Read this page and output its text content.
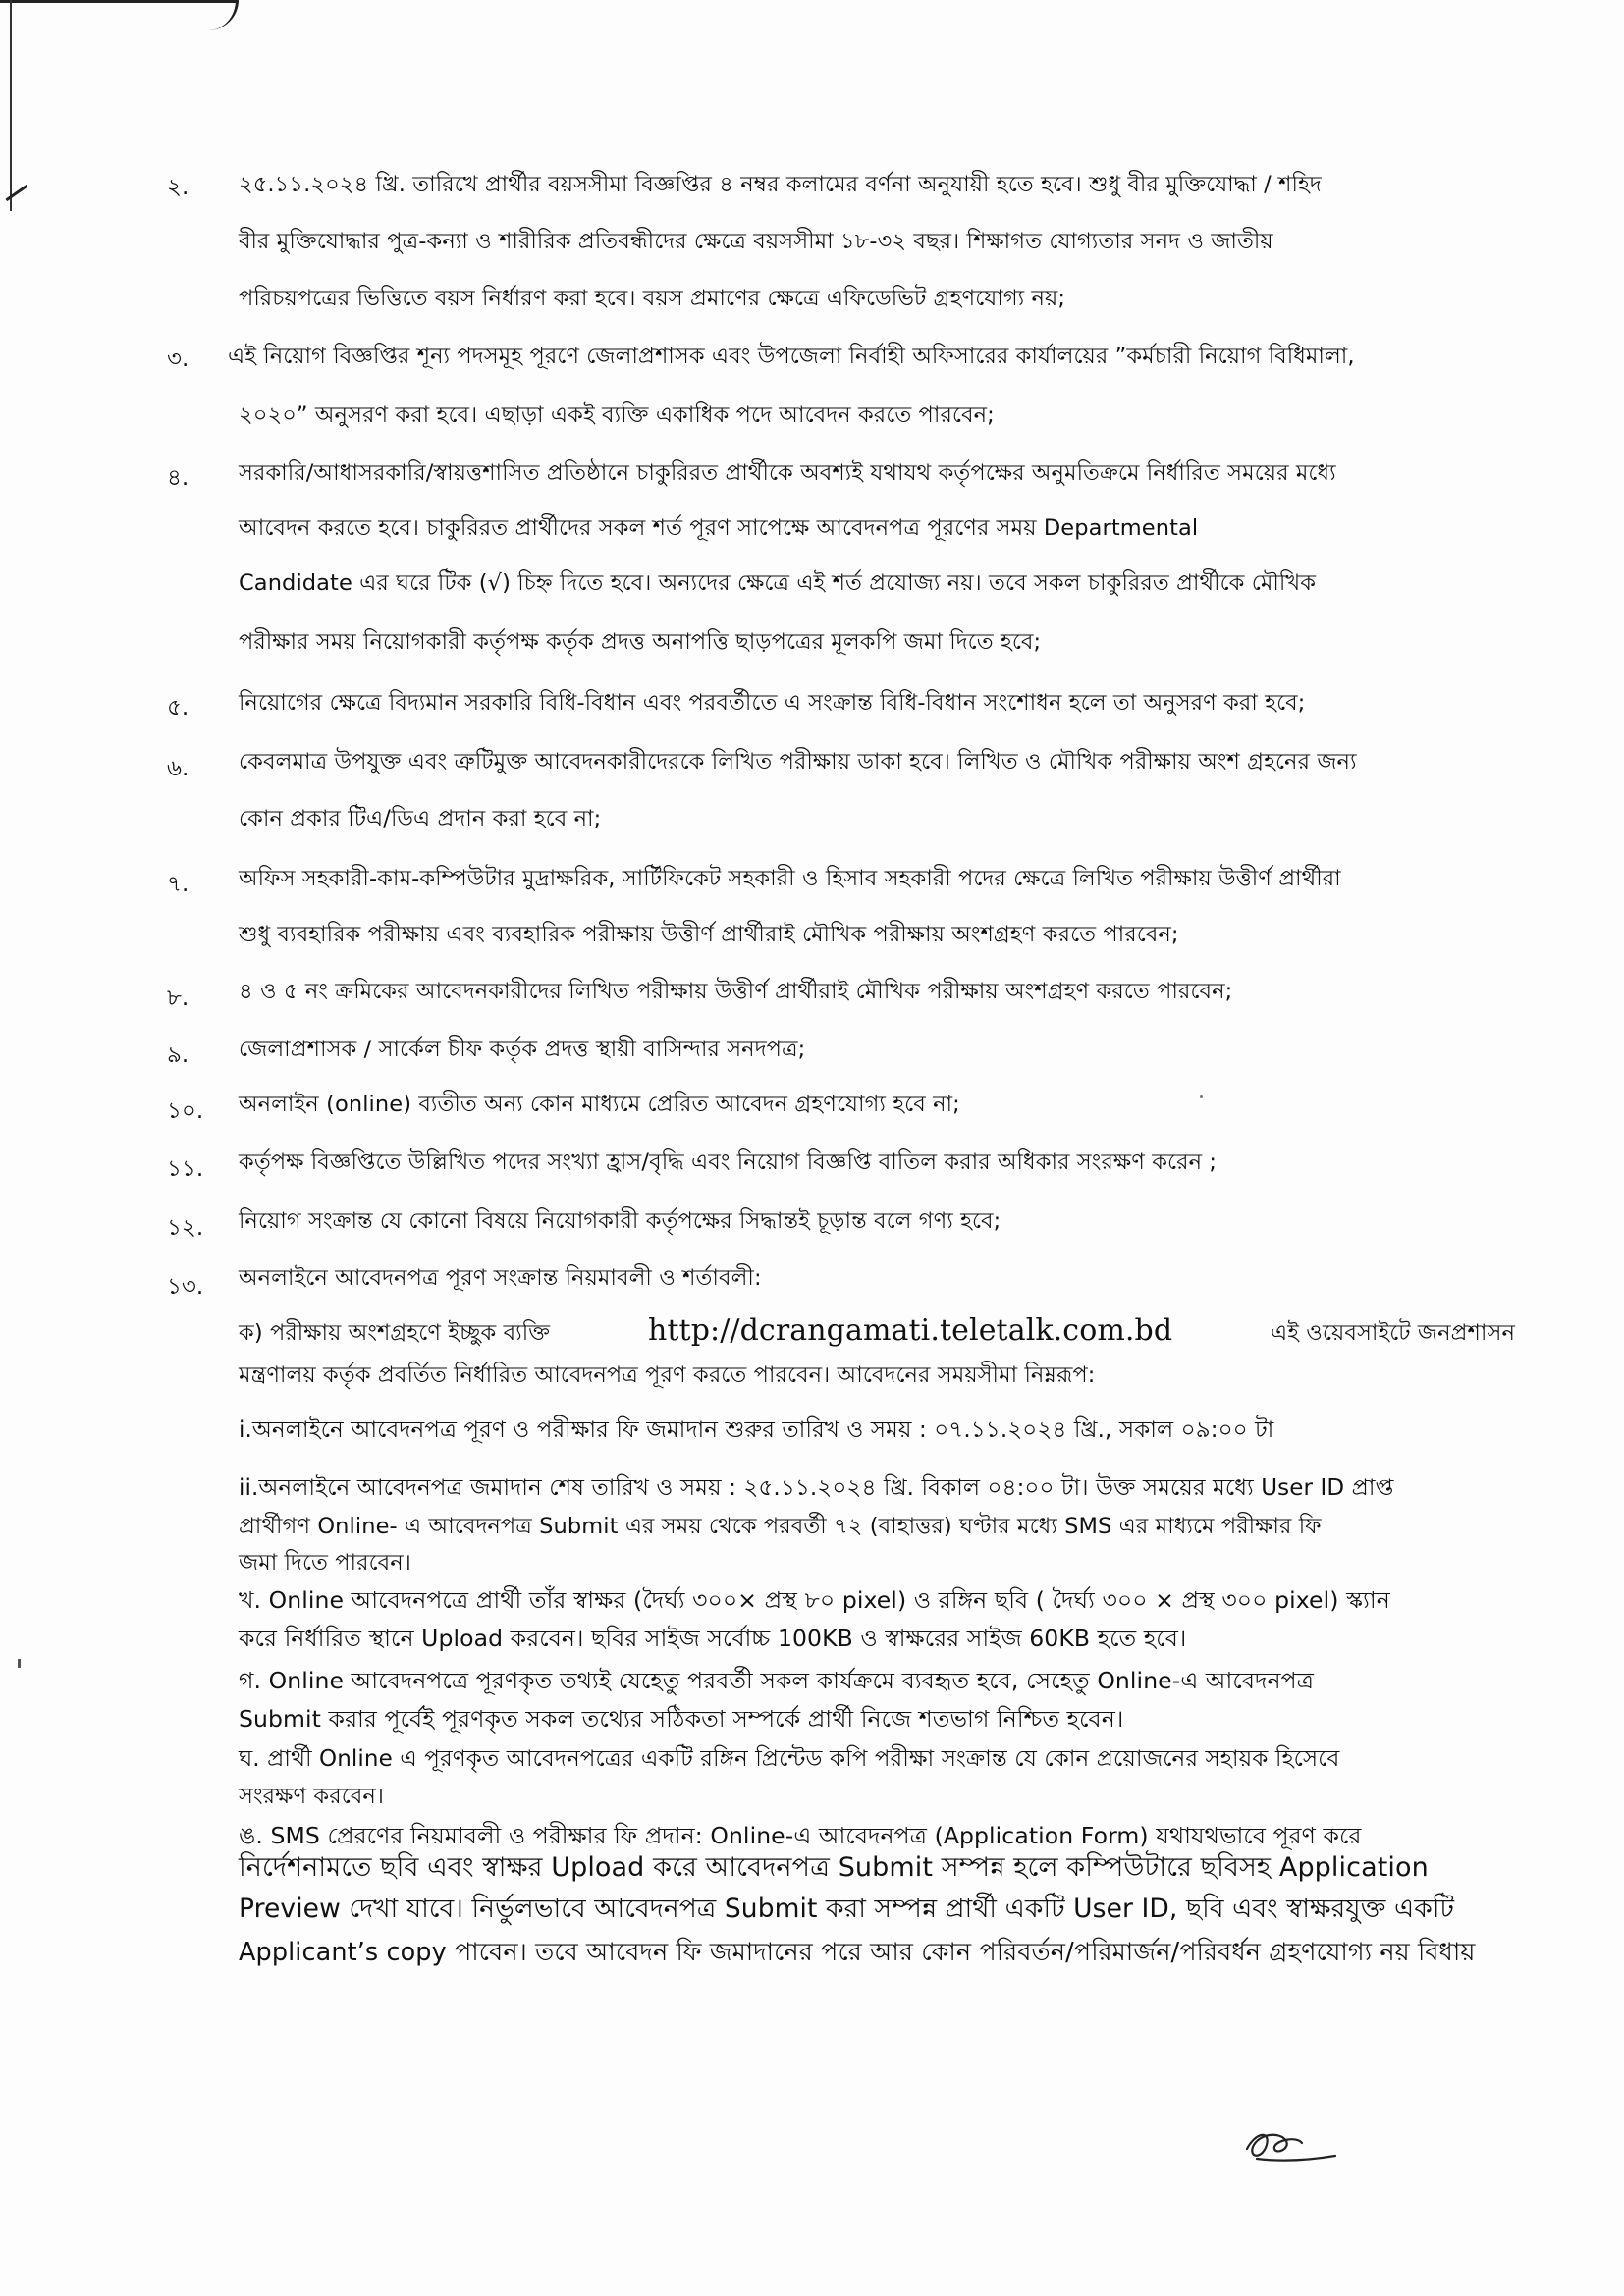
২. ২৫.১১.২০২৪ খ্রি. তারিখে প্রার্থীর বয়সসীমা বিজ্ঞপ্তির ৪ নম্বর কলামের বর্ণনা অনুযায়ী হতে হবে। শুধু বীর মুক্তিযোদ্ধা / শহিদ
বীর মুক্তিযোদ্ধার পুত্র-কন্যা ও শারীরিক প্রতিবন্ধীদের ক্ষেত্রে বয়সসীমা ১৮-৩২ বছর। শিক্ষাগত যোগ্যতার সনদ ও জাতীয়
পরিচয়পত্রের ভিত্তিতে বয়স নির্ধারণ করা হবে। বয়স প্রমাণের ক্ষেত্রে এফিডেভিট গ্রহণযোগ্য নয়;
৩. এই নিয়োগ বিজ্ঞপ্তির শূন্য পদসমূহ পূরণে জেলাপ্রশাসক এবং উপজেলা নির্বাহী অফিসারের কার্যালয়ের ”কর্মচারী নিয়োগ বিধিমালা,
২০২০” অনুসরণ করা হবে। এছাড়া একই ব্যক্তি একাধিক পদে আবেদন করতে পারবেন;
৪. সরকারি/আধাসরকারি/স্বায়ত্তশাসিত প্রতিষ্ঠানে চাকুরিরত প্রার্থীকে অবশ্যই যথাযথ কর্তৃপক্ষের অনুমতিক্রমে নির্ধারিত সময়ের মধ্যে
আবেদন করতে হবে। চাকুরিরত প্রার্থীদের সকল শর্ত পূরণ সাপেক্ষে আবেদনপত্র পূরণের সময় Departmental
Candidate এর ঘরে টিক (√) চিহ্ন দিতে হবে। অন্যদের ক্ষেত্রে এই শর্ত প্রযোজ্য নয়। তবে সকল চাকুরিরত প্রার্থীকে মৌখিক
পরীক্ষার সময় নিয়োগকারী কর্তৃপক্ষ কর্তৃক প্রদত্ত অনাপত্তি ছাড়পত্রের মূলকপি জমা দিতে হবে;
৫. নিয়োগের ক্ষেত্রে বিদ্যমান সরকারি বিধি-বিধান এবং পরবর্তীতে এ সংক্রান্ত বিধি-বিধান সংশোধন হলে তা অনুসরণ করা হবে;
৬. কেবলমাত্র উপযুক্ত এবং ত্রুটিমুক্ত আবেদনকারীদেরকে লিখিত পরীক্ষায় ডাকা হবে। লিখিত ও মৌখিক পরীক্ষায় অংশ গ্রহনের জন্য
কোন প্রকার টিএ/ডিএ প্রদান করা হবে না;
৭. অফিস সহকারী-কাম-কম্পিউটার মুদ্রাক্ষরিক, সার্টিফিকেট সহকারী ও হিসাব সহকারী পদের ক্ষেত্রে লিখিত পরীক্ষায় উত্তীর্ণ প্রার্থীরা
শুধু ব্যবহারিক পরীক্ষায় এবং ব্যবহারিক পরীক্ষায় উত্তীর্ণ প্রার্থীরাই মৌখিক পরীক্ষায় অংশগ্রহণ করতে পারবেন;
৮. ৪ ও ৫ নং ক্রমিকের আবেদনকারীদের লিখিত পরীক্ষায় উত্তীর্ণ প্রার্থীরাই মৌখিক পরীক্ষায় অংশগ্রহণ করতে পারবেন;
৯. জেলাপ্রশাসক / সার্কেল চীফ কর্তৃক প্রদত্ত স্থায়ী বাসিন্দার সনদপত্র;
১০. অনলাইন (online) ব্যতীত অন্য কোন মাধ্যমে প্রেরিত আবেদন গ্রহণযোগ্য হবে না;
১১. কর্তৃপক্ষ বিজ্ঞপ্তিতে উল্লিখিত পদের সংখ্যা হ্রাস/বৃদ্ধি এবং নিয়োগ বিজ্ঞপ্তি বাতিল করার অধিকার সংরক্ষণ করেন ;
১২. নিয়োগ সংক্রান্ত যে কোনো বিষয়ে নিয়োগকারী কর্তৃপক্ষের সিদ্ধান্তই চূড়ান্ত বলে গণ্য হবে;
১৩. অনলাইনে আবেদনপত্র পূরণ সংক্রান্ত নিয়মাবলী ও শর্তাবলী:
ক) পরীক্ষায় অংশগ্রহণে ইচ্ছুক ব্যক্তি	http://dcrangamati.teletalk.com.bd	এই ওয়েবসাইটে জনপ্রশাসন
মন্ত্রণালয় কর্তৃক প্রবর্তিত নির্ধারিত আবেদনপত্র পূরণ করতে পারবেন। আবেদনের সময়সীমা নিম্নরূপ:
i.অনলাইনে আবেদনপত্র পূরণ ও পরীক্ষার ফি জমাদান শুরুর তারিখ ও সময় : ০৭.১১.২০২৪ খ্রি., সকাল ০৯:০০ টা
ii.অনলাইনে আবেদনপত্র জমাদান শেষ তারিখ ও সময় : ২৫.১১.২০২৪ খ্রি. বিকাল ০৪:০০ টা। উক্ত সময়ের মধ্যে User ID প্রাপ্ত
প্রার্থীগণ Online- এ আবেদনপত্র Submit এর সময় থেকে পরবর্তী ৭২ (বাহাত্তর) ঘণ্টার মধ্যে SMS এর মাধ্যমে পরীক্ষার ফি
জমা দিতে পারবেন।
খ. Online আবেদনপত্রে প্রার্থী তাঁর স্বাক্ষর (দৈর্ঘ্য ৩০০× প্রস্থ ৮০ pixel) ও রঙ্গিন ছবি ( দৈর্ঘ্য ৩০০ × প্রস্থ ৩০০ pixel) স্ক্যান
করে নির্ধারিত স্থানে Upload করবেন। ছবির সাইজ সর্বোচ্চ 100KB ও স্বাক্ষরের সাইজ 60KB হতে হবে।
গ. Online আবেদনপত্রে পূরণকৃত তথ্যই যেহেতু পরবর্তী সকল কার্যক্রমে ব্যবহৃত হবে, সেহেতু Online-এ আবেদনপত্র
Submit করার পূর্বেই পূরণকৃত সকল তথ্যের সঠিকতা সম্পর্কে প্রার্থী নিজে শতভাগ নিশ্চিত হবেন।
ঘ. প্রার্থী Online এ পূরণকৃত আবেদনপত্রের একটি রঙ্গিন প্রিন্টেড কপি পরীক্ষা সংক্রান্ত যে কোন প্রয়োজনের সহায়ক হিসেবে
সংরক্ষণ করবেন।
ঙ. SMS প্রেরণের নিয়মাবলী ও পরীক্ষার ফি প্রদান: Online-এ আবেদনপত্র (Application Form) যথাযথভাবে পূরণ করে
নির্দেশনামতে ছবি এবং স্বাক্ষর Upload করে আবেদনপত্র Submit সম্পন্ন হলে কম্পিউটারে ছবিসহ Application
Preview দেখা যাবে। নির্ভুলভাবে আবেদনপত্র Submit করা সম্পন্ন প্রার্থী একটি User ID, ছবি এবং স্বাক্ষরযুক্ত একটি
Applicant’s copy পাবেন। তবে আবেদন ফি জমাদানের পরে আর কোন পরিবর্তন/পরিমার্জন/পরিবর্ধন গ্রহণযোগ্য নয় বিধায়
